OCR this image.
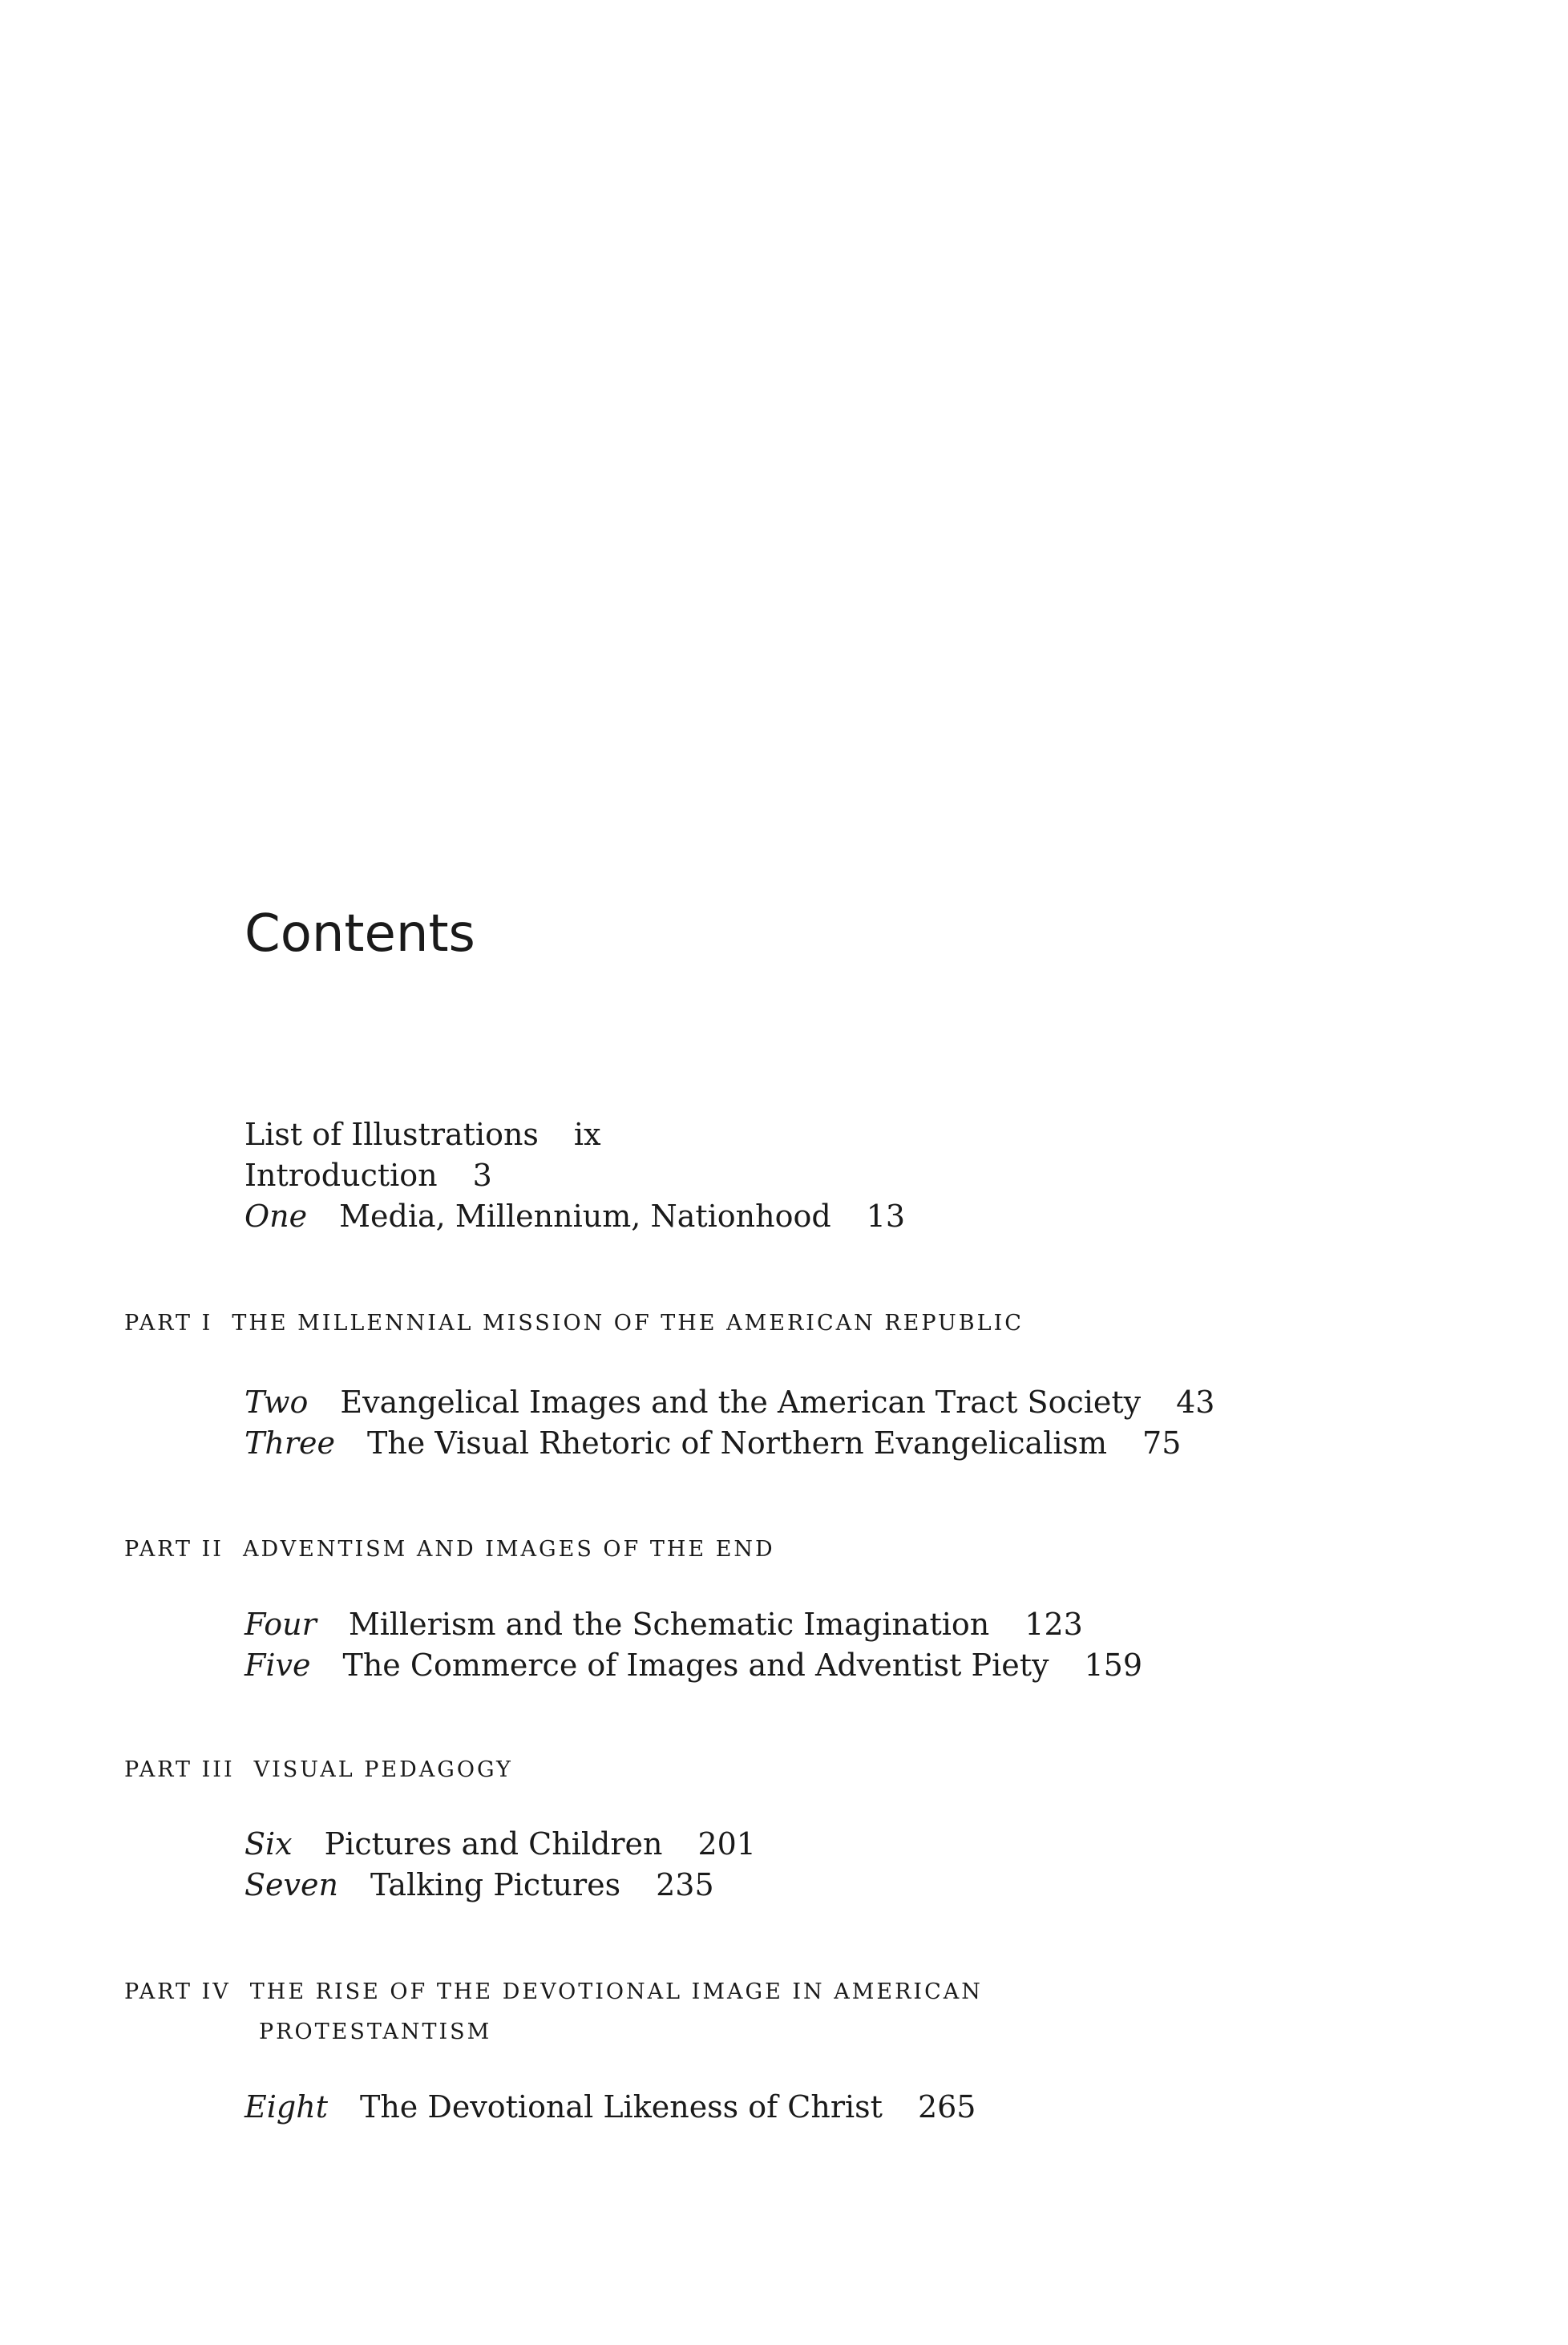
Contents
List of Illustrations ix
Introduction 3
One Media, Millennium, Nationhood 13
PART I THE MILLENNIAL MISSION OF THE AMERICAN REPUBLIC
Two Evangelical Images and the American Tract Society 43
Three The Visual Rhetoric of Northern Evangelicalism 75
PART II ADVENTISM AND IMAGES OF THE END
Four Millerism and the Schematic Imagination 123
Five The Commerce of Images and Adventist Piety 159
PART III VISUAL PEDAGOGY
Six Pictures and Children 201
Seven Talking Pictures 235
PART IV THE RISE OF THE DEVOTIONAL IMAGE IN AMERICAN
PROTESTANTISM
Eight The Devotional Likeness of Christ 265
